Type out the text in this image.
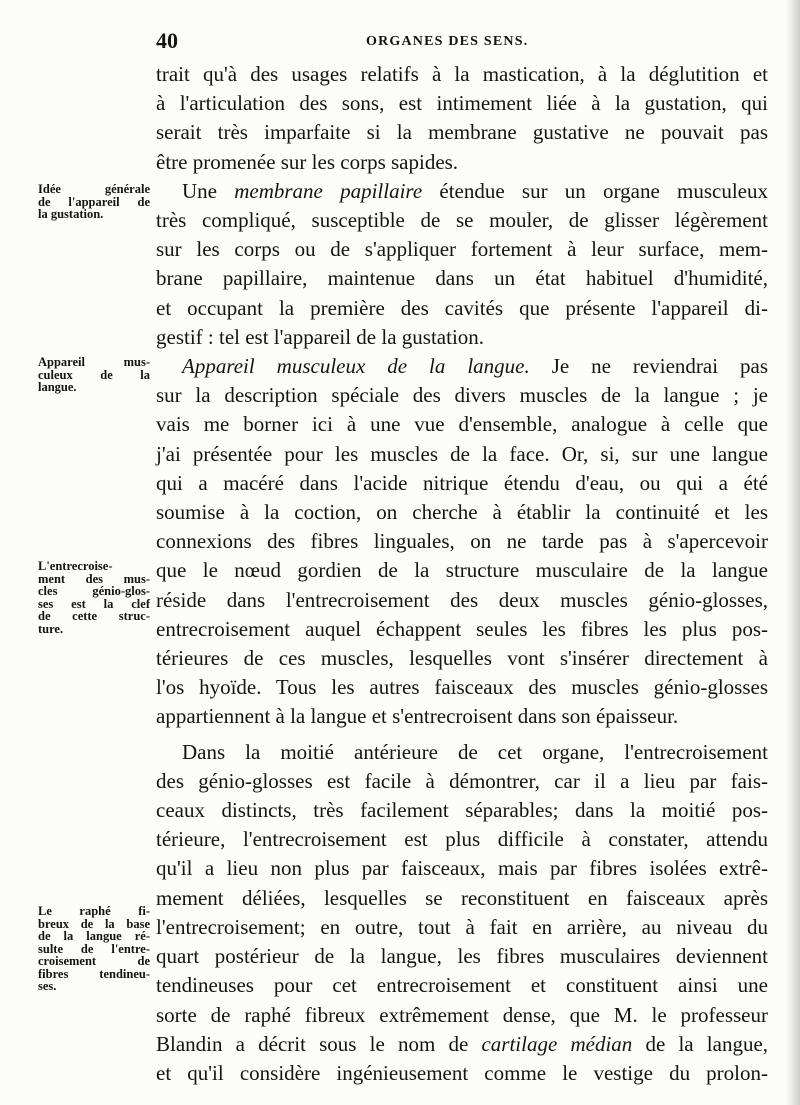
40	ORGANES DES SENS.
Idée générale
de l'appareil de
la gustation.
Appareil mus-
culeux de la
langue.
L'entrecroise-
ment des mus-
cles génio-glos-
ses est la clef
de cette struc-
ture.
Le raphé fi-
breux de la base
de la langue ré-
sulte de l'entre-
croisement de
fibres tendineu-
ses.
trait qu'à des usages relatifs à la mastication, à la déglutition et
à l'articulation des sons, est intimement liée à la gustation, qui
serait très imparfaite si la membrane gustative ne pouvait pas
être promenée sur les corps sapides.
Une membrane papillaire étendue sur un organe musculeux
très compliqué, susceptible de se mouler, de glisser légèrement
sur les corps ou de s'appliquer fortement à leur surface, mem-
brane papillaire, maintenue dans un état habituel d'humidité,
et occupant la première des cavités que présente l'appareil di-
gestif : tel est l'appareil de la gustation.
Appareil musculeux de la langue. Je ne reviendrai pas
sur la description spéciale des divers muscles de la langue ; je
vais me borner ici à une vue d'ensemble, analogue à celle que
j'ai présentée pour les muscles de la face. Or, si, sur une langue
qui a macéré dans l'acide nitrique étendu d'eau, ou qui a été
soumise à la coction, on cherche à établir la continuité et les
connexions des fibres linguales, on ne tarde pas à s'apercevoir
que le nœud gordien de la structure musculaire de la langue
réside dans l'entrecroisement des deux muscles génio-glosses,
entrecroisement auquel échappent seules les fibres les plus pos-
térieures de ces muscles, lesquelles vont s'insérer directement à
l'os hyoïde. Tous les autres faisceaux des muscles génio-glosses
appartiennent à la langue et s'entrecroisent dans son épaisseur.
Dans la moitié antérieure de cet organe, l'entrecroisement
des génio-glosses est facile à démontrer, car il a lieu par fais-
ceaux distincts, très facilement séparables; dans la moitié pos-
térieure, l'entrecroisement est plus difficile à constater, attendu
qu'il a lieu non plus par faisceaux, mais par fibres isolées extrê-
mement déliées, lesquelles se reconstituent en faisceaux après
l'entrecroisement; en outre, tout à fait en arrière, au niveau du
quart postérieur de la langue, les fibres musculaires deviennent
tendineuses pour cet entrecroisement et constituent ainsi une
sorte de raphé fibreux extrêmement dense, que M. le professeur
Blandin a décrit sous le nom de cartilage médian de la langue,
et qu'il considère ingénieusement comme le vestige du prolon-
